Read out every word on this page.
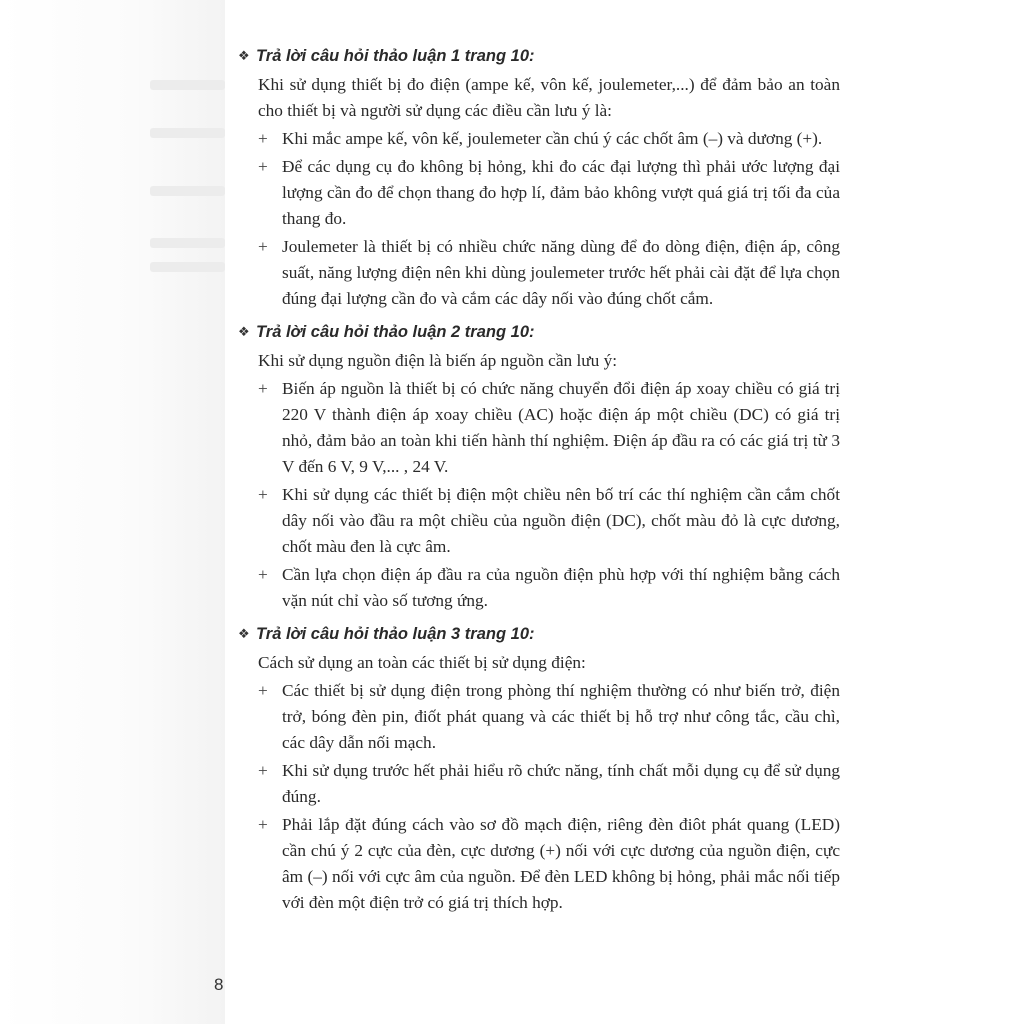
❖ Trả lời câu hỏi thảo luận 1 trang 10:
Khi sử dụng thiết bị đo điện (ampe kế, vôn kế, joulemeter,...) để đảm bảo an toàn cho thiết bị và người sử dụng các điều cần lưu ý là:
+ Khi mắc ampe kế, vôn kế, joulemeter cần chú ý các chốt âm (–) và dương (+).
+ Để các dụng cụ đo không bị hỏng, khi đo các đại lượng thì phải ước lượng đại lượng cần đo để chọn thang đo hợp lí, đảm bảo không vượt quá giá trị tối đa của thang đo.
+ Joulemeter là thiết bị có nhiều chức năng dùng để đo dòng điện, điện áp, công suất, năng lượng điện nên khi dùng joulemeter trước hết phải cài đặt để lựa chọn đúng đại lượng cần đo và cắm các dây nối vào đúng chốt cắm.
❖ Trả lời câu hỏi thảo luận 2 trang 10:
Khi sử dụng nguồn điện là biến áp nguồn cần lưu ý:
+ Biến áp nguồn là thiết bị có chức năng chuyển đổi điện áp xoay chiều có giá trị 220 V thành điện áp xoay chiều (AC) hoặc điện áp một chiều (DC) có giá trị nhỏ, đảm bảo an toàn khi tiến hành thí nghiệm. Điện áp đầu ra có các giá trị từ 3 V đến 6 V, 9 V,... , 24 V.
+ Khi sử dụng các thiết bị điện một chiều nên bố trí các thí nghiệm cần cắm chốt dây nối vào đầu ra một chiều của nguồn điện (DC), chốt màu đỏ là cực dương, chốt màu đen là cực âm.
+ Cần lựa chọn điện áp đầu ra của nguồn điện phù hợp với thí nghiệm bằng cách vặn nút chỉ vào số tương ứng.
❖ Trả lời câu hỏi thảo luận 3 trang 10:
Cách sử dụng an toàn các thiết bị sử dụng điện:
+ Các thiết bị sử dụng điện trong phòng thí nghiệm thường có như biến trở, điện trở, bóng đèn pin, điốt phát quang và các thiết bị hỗ trợ như công tắc, cầu chì, các dây dẫn nối mạch.
+ Khi sử dụng trước hết phải hiểu rõ chức năng, tính chất mỗi dụng cụ để sử dụng đúng.
+ Phải lắp đặt đúng cách vào sơ đồ mạch điện, riêng đèn điôt phát quang (LED) cần chú ý 2 cực của đèn, cực dương (+) nối với cực dương của nguồn điện, cực âm (–) nối với cực âm của nguồn. Để đèn LED không bị hỏng, phải mắc nối tiếp với đèn một điện trở có giá trị thích hợp.
8
